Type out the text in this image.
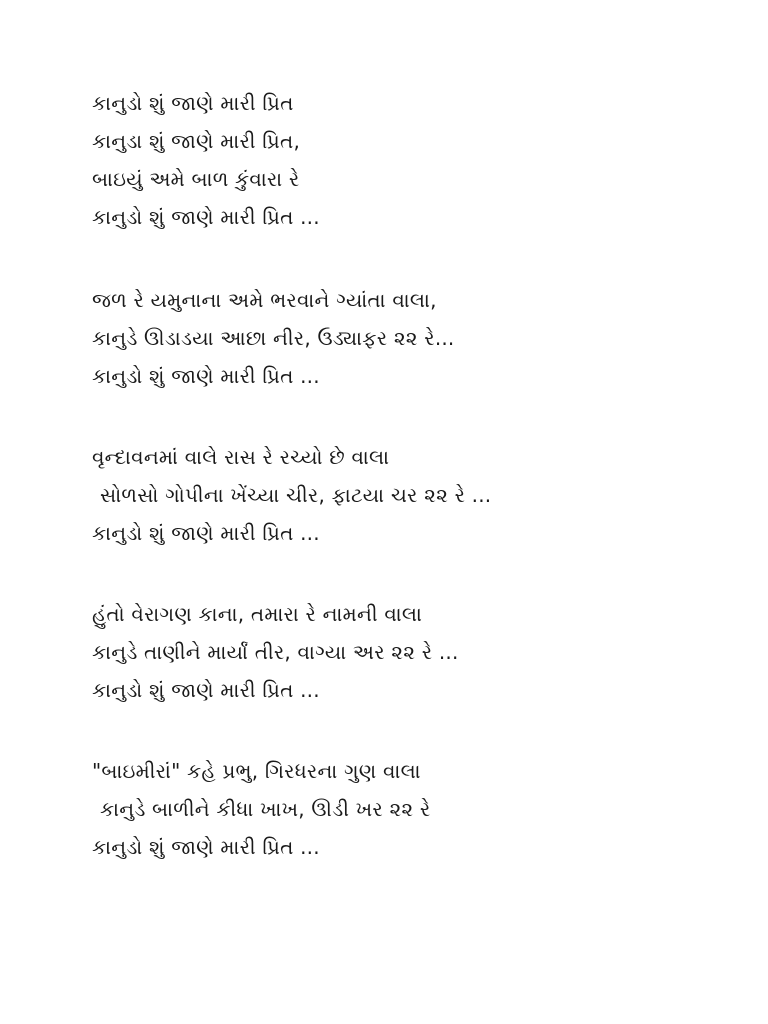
કાનુડો શું જાણે મારી પ્રિત
કાનુડા શું જાણે મારી પ્રિત,
બાઇયું અમે બાળ કુંવારા રે
કાનુડો શું જાણે મારી પ્રિત ...
જળ રે યમુનાના અમે ભરવાને ગ્યાંતા વાલા,
કાનુડે ઊડાડયા આછા નીર, ઉડ્યાફર ૨૨ રે...
કાનુડો શું જાણે મારી પ્રિત ...
વૃન્દાવનમાં વાલે રાસ રે રચ્યો છે વાલા
સોળસો ગોપીના ખેંચ્યા ચીર, ફાટયા ચર ૨૨ રે ...
કાનુડો શું જાણે મારી પ્રિત ...
હુંતો વેરાગણ કાના, તમારા રે નામની વાલા
કાનુડે તાણીને માર્યાં તીર, વાગ્યા અર ૨૨ રે ...
કાનુડો શું જાણે મારી પ્રિત ...
"બાઇમીરાં" કહે પ્રભુ, ગિરધરના ગુણ વાલા
કાનુડે બાળીને કીધા ખાખ, ઊડી ખર ૨૨ રે
કાનુડો શું જાણે મારી પ્રિત ...
